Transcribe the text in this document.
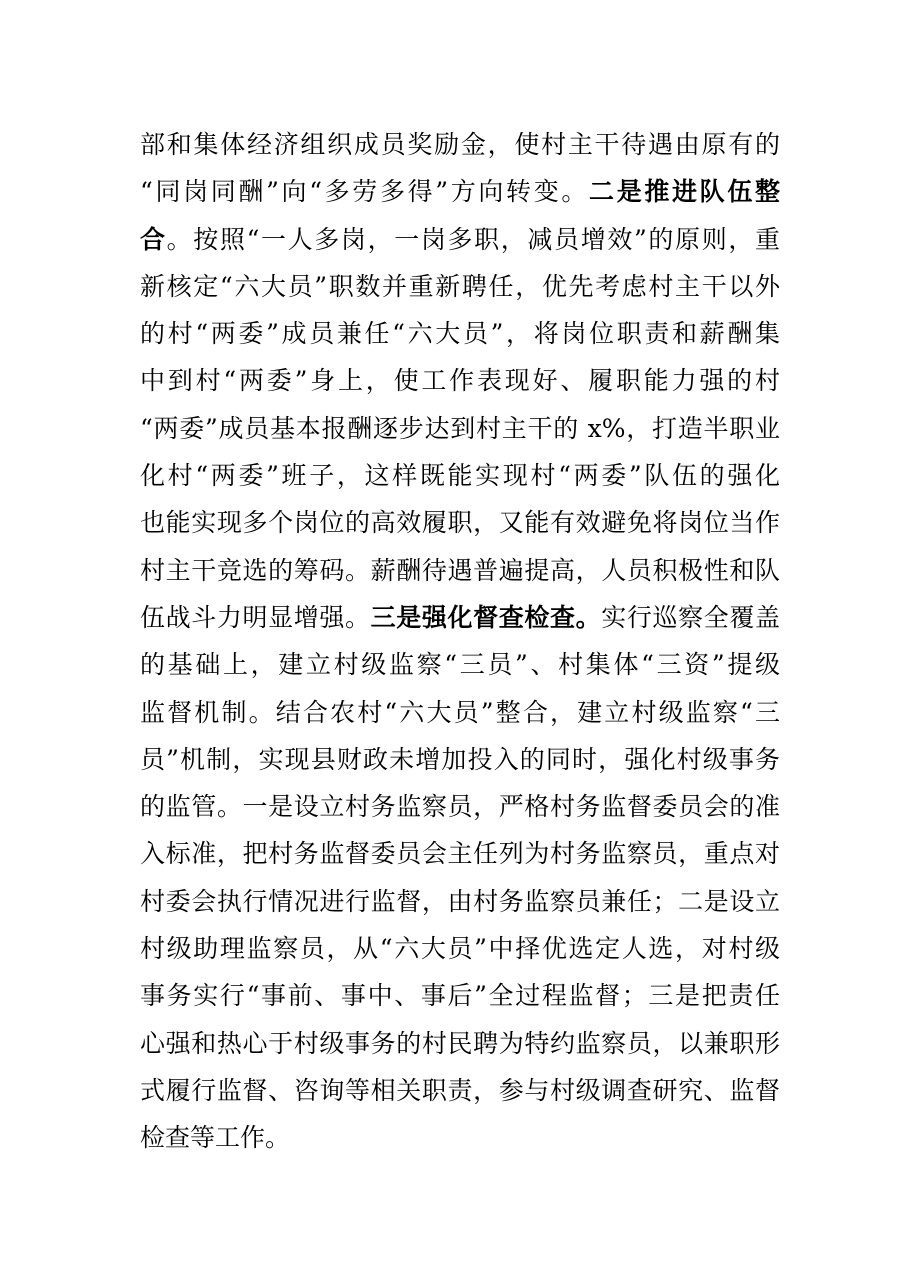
部和集体经济组织成员奖励金，使村主干待遇由原有的
“同岗同酬”向“多劳多得”方向转变。二是推进队伍整
合。按照“一人多岗，一岗多职，减员增效”的原则，重
新核定“六大员”职数并重新聘任，优先考虑村主干以外
的村“两委”成员兼任“六大员”，将岗位职责和薪酬集
中到村“两委”身上，使工作表现好、履职能力强的村
“两委”成员基本报酬逐步达到村主干的 x%，打造半职业
化村“两委”班子，这样既能实现村“两委”队伍的强化
也能实现多个岗位的高效履职，又能有效避免将岗位当作
村主干竞选的筹码。薪酬待遇普遍提高，人员积极性和队
伍战斗力明显增强。三是强化督查检查。实行巡察全覆盖
的基础上，建立村级监察“三员”、村集体“三资”提级
监督机制。结合农村“六大员”整合，建立村级监察“三
员”机制，实现县财政未增加投入的同时，强化村级事务
的监管。一是设立村务监察员，严格村务监督委员会的准
入标准，把村务监督委员会主任列为村务监察员，重点对
村委会执行情况进行监督，由村务监察员兼任；二是设立
村级助理监察员，从“六大员”中择优选定人选，对村级
事务实行“事前、事中、事后”全过程监督；三是把责任
心强和热心于村级事务的村民聘为特约监察员，以兼职形
式履行监督、咨询等相关职责，参与村级调查研究、监督
检查等工作。
